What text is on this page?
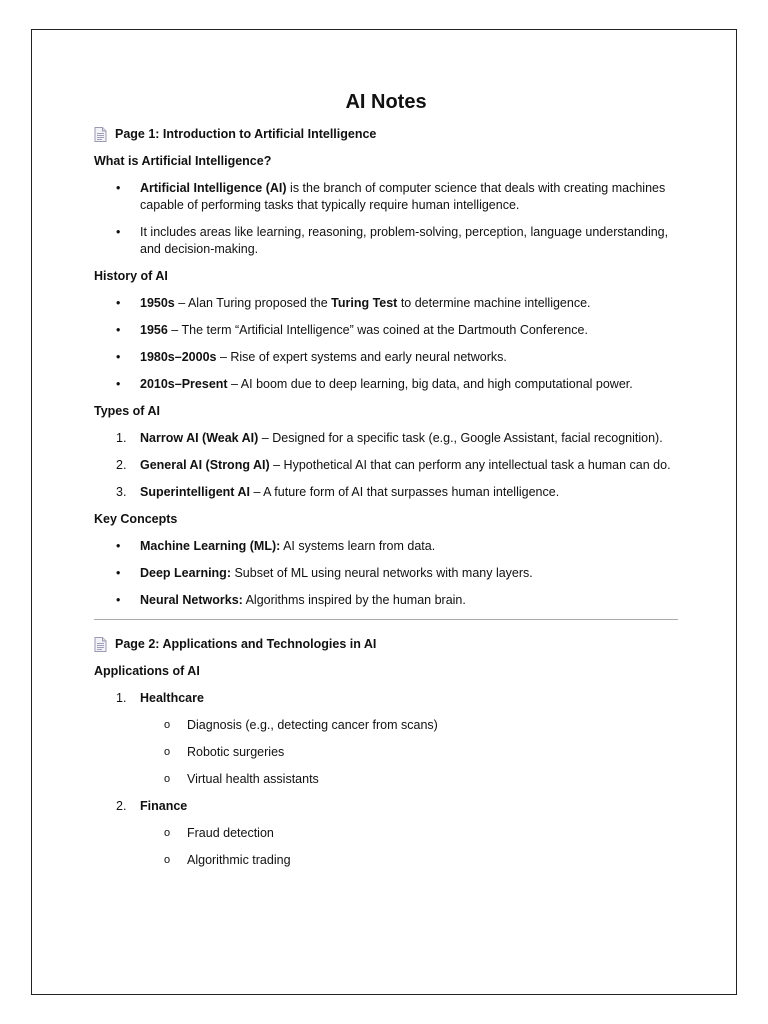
AI Notes
Page 1: Introduction to Artificial Intelligence
What is Artificial Intelligence?
• Artificial Intelligence (AI) is the branch of computer science that deals with creating machines capable of performing tasks that typically require human intelligence.
• It includes areas like learning, reasoning, problem-solving, perception, language understanding, and decision-making.
History of AI
• 1950s – Alan Turing proposed the Turing Test to determine machine intelligence.
• 1956 – The term “Artificial Intelligence” was coined at the Dartmouth Conference.
• 1980s–2000s – Rise of expert systems and early neural networks.
• 2010s–Present – AI boom due to deep learning, big data, and high computational power.
Types of AI
1. Narrow AI (Weak AI) – Designed for a specific task (e.g., Google Assistant, facial recognition).
2. General AI (Strong AI) – Hypothetical AI that can perform any intellectual task a human can do.
3. Superintelligent AI – A future form of AI that surpasses human intelligence.
Key Concepts
• Machine Learning (ML): AI systems learn from data.
• Deep Learning: Subset of ML using neural networks with many layers.
• Neural Networks: Algorithms inspired by the human brain.
Page 2: Applications and Technologies in AI
Applications of AI
1. Healthcare
o Diagnosis (e.g., detecting cancer from scans)
o Robotic surgeries
o Virtual health assistants
2. Finance
o Fraud detection
o Algorithmic trading
